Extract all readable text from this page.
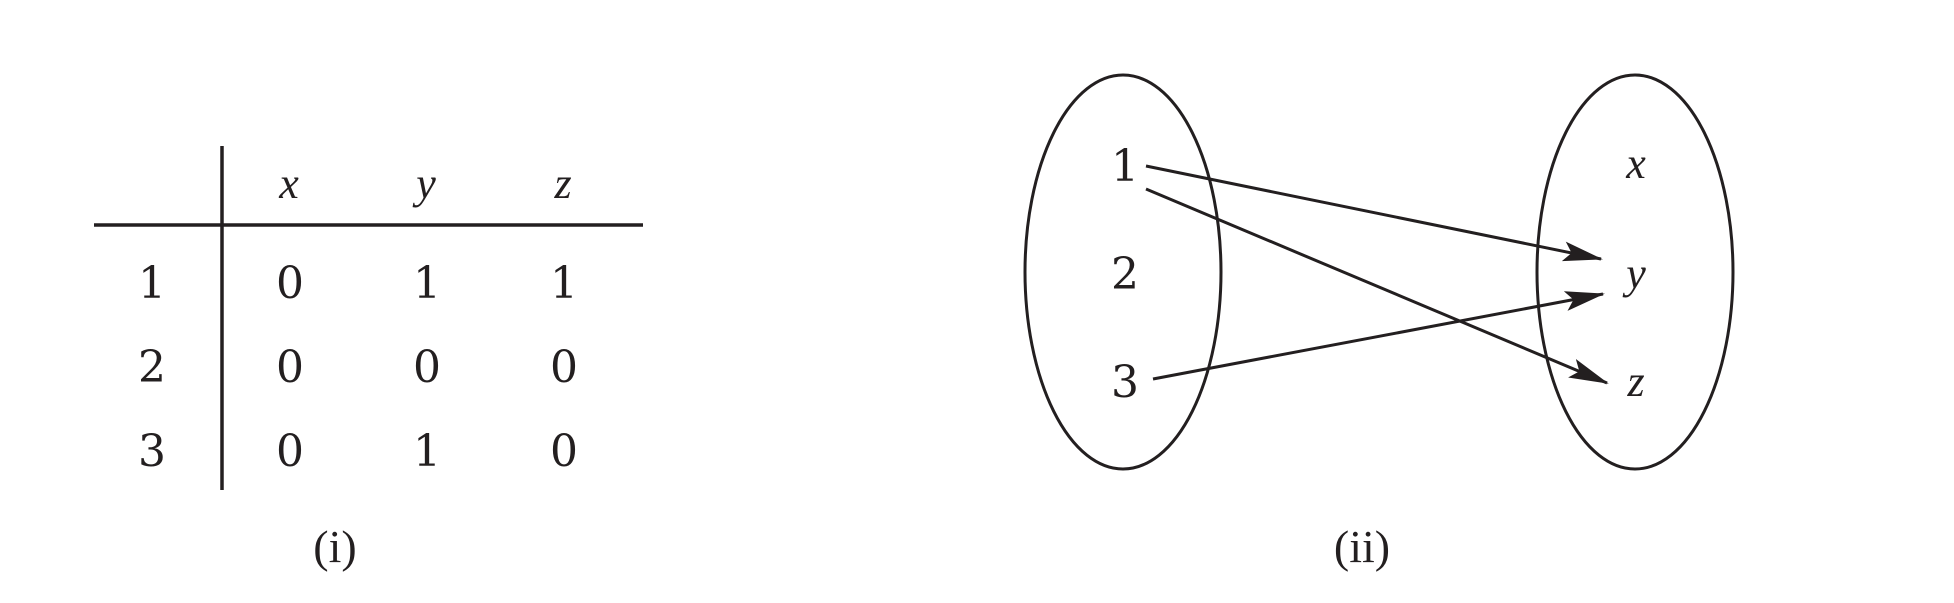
x	y	z
1
2
3
0 1 1
0 0 0
0 1 0
(i)
1
2
3
x
y
z
(ii)
